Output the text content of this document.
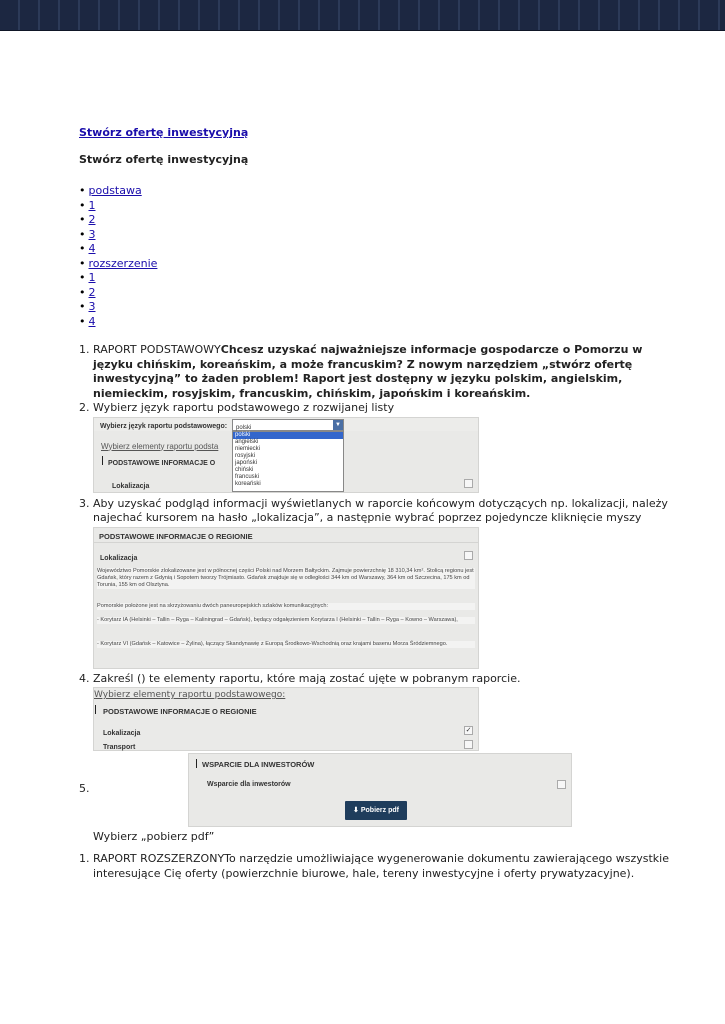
Stwórz ofertę inwestycyjną
Stwórz ofertę inwestycyjną
• podstawa
• 1
• 2
• 3
• 4
• rozszerzenie
• 1
• 2
• 3
• 4
1. RAPORT PODSTAWOWYChcesz uzyskać najważniejsze informacje gospodarcze o Pomorzu w języku chińskim, koreańskim, a może francuskim? Z nowym narzędziem „stwórz ofertę inwestycyjną” to żaden problem! Raport jest dostępny w języku polskim, angielskim, niemieckim, rosyjskim, francuskim, chińskim, japońskim i koreańskim.
2. Wybierz język raportu podstawowego z rozwijanej listy
Wybierz język raportu podstawowego: polski	▼
polski
angielski
niemiecki
rosyjski
japoński
chiński
francuski
koreański
Wybierz elementy raportu podsta
PODSTAWOWE INFORMACJE O
Lokalizacja
3. Aby uzyskać podgląd informacji wyświetlanych w raporcie końcowym dotyczących np. lokalizacji, należy najechać kursorem na hasło „lokalizacja”, a następnie wybrać poprzez pojedyncze kliknięcie myszy
PODSTAWOWE INFORMACJE O REGIONIE
Lokalizacja
Województwo Pomorskie zlokalizowane jest w północnej części Polski nad Morzem Bałtyckim. Zajmuje powierzchnię 18 310,34 km². Stolicą regionu jest Gdańsk, który razem z Gdynią i Sopotem tworzy Trójmiasto. Gdańsk znajduje się w odległości 344 km od Warszawy, 364 km od Szczecina, 175 km od Torunia, 155 km od Olsztyna.
Pomorskie położone jest na skrzyżowaniu dwóch paneuropejskich szlaków komunikacyjnych:
- Korytarz IA (Helsinki – Tallin – Ryga – Kaliningrad – Gdańsk), będący odgałęzieniem Korytarza I (Helsinki – Tallin – Ryga – Kowno – Warszawa),
- Korytarz VI (Gdańsk – Katowice – Żylina), łączący Skandynawię z Europą Środkowo-Wschodnią oraz krajami basenu Morza Śródziemnego.
4. Zakreśl () te elementy raportu, które mają zostać ujęte w pobranym raporcie.
Wybierz elementy raportu podstawowego:
PODSTAWOWE INFORMACJE O REGIONIE
Lokalizacja	✓
Transport
5.
WSPARCIE DLA INWESTORÓW
Wsparcie dla inwestorów
⬇ Pobierz pdf
Wybierz „pobierz pdf”
1. RAPORT ROZSZERZONYTo narzędzie umożliwiające wygenerowanie dokumentu zawierającego wszystkie interesujące Cię oferty (powierzchnie biurowe, hale, tereny inwestycyjne i oferty prywatyzacyjne).
